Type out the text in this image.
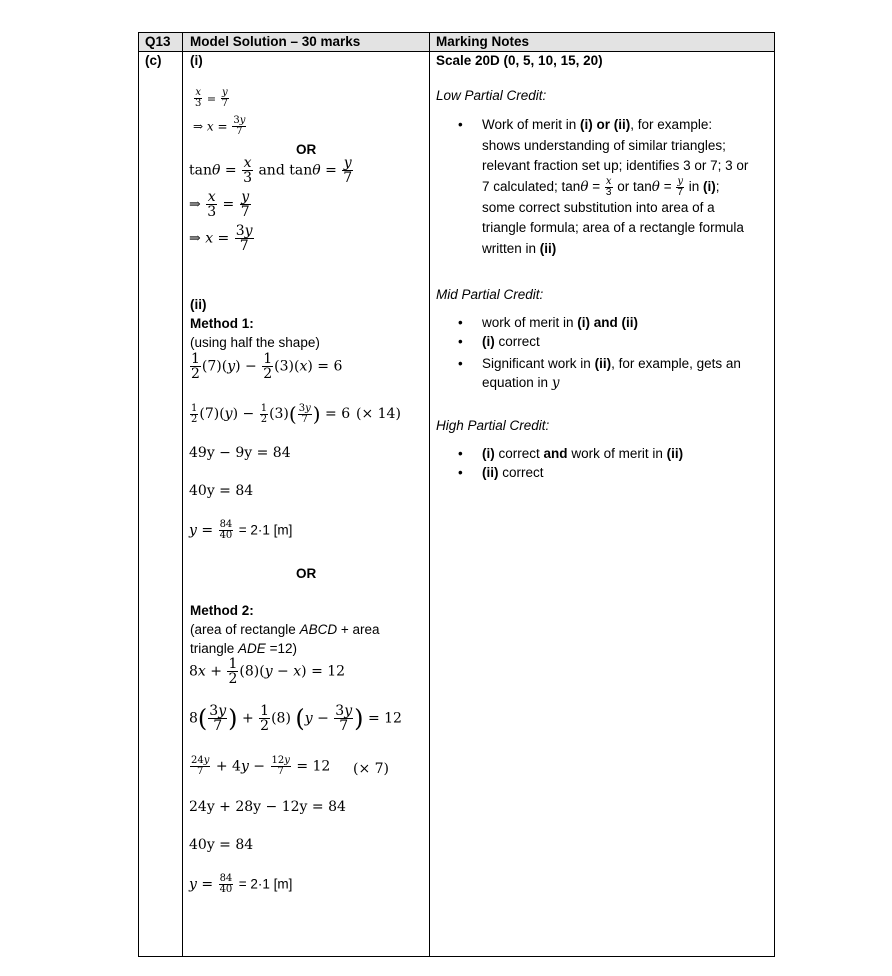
Q13 Model Solution – 30 marks	Marking Notes
(c) (i)
$\frac{x}{3} = \frac{y}{7}$
⇒ $x = \frac{3y}{7}$
OR
$\tan\theta = \frac{x}{3}$ and $\tan\theta = \frac{y}{7}$
⇒ $\frac{x}{3} = \frac{y}{7}$
⇒ $x = \frac{3y}{7}$
(ii)
Method 1:
(using half the shape)
$\frac{1}{2} (7)(y) - \frac{1}{2} (3)(x) = 6$
$\frac{1}{2} (7)(y) - \frac{1}{2} (3)( \frac{3y}{7}$ ) = 6 (× 14)
49y − 9y = 84
40y = 84
$y = \frac{84}{40} = 2\cdot 1$ [m]
OR
Method 2:
(area of rectangle ABCD + area
triangle ADE =12)
$8x + \frac{1}{2} (8)(y - x) = 12$
$8( \frac{3y}{7}$ ) + $\frac{1}{2} (8) (y - \frac{3y}{7}$ ) = 12
$\frac{24y}{7} + 4y - \frac{12y}{7} = 12$ (× 7)
24y + 28y − 12y = 84
40y = 84
$y = \frac{84}{40} = 2\cdot 1$ [m]
Scale 20D (0, 5, 10, 15, 20)
Low Partial Credit:
• Work of merit in (i) or (ii), for example:
shows understanding of similar triangles;
relevant fraction set up; identifies 3 or 7; 3 or
7 calculated; $\tan\theta = \frac{x}{3}$ or $\tan\theta = \frac{y}{7}$ in (i);
some correct substitution into area of a
triangle formula; area of a rectangle formula
written in (ii)
Mid Partial Credit:
• work of merit in (i) and (ii)
• (i) correct
• Significant work in (ii), for example, gets an
equation in y
High Partial Credit:
• (i) correct and work of merit in (ii)
• (ii) correct
